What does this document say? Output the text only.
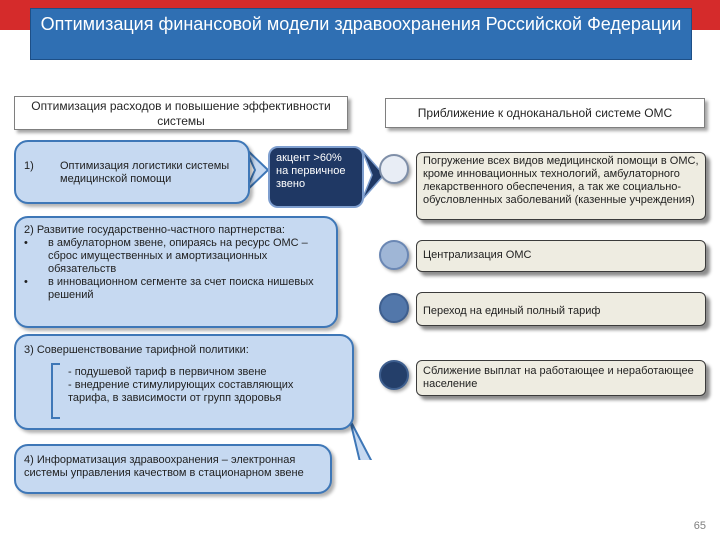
Оптимизация финансовой модели здравоохранения Российской Федерации
Оптимизация расходов и повышение эффективности системы
Приближение к одноканальной системе ОМС
1) Оптимизация логистики системы медицинской помощи
акцент >60% на первичное звено
2) Развитие государственно-частного партнерства:
•	в амбулаторном звене, опираясь на ресурс ОМС – сброс имущественных и амортизационных обязательств
•	в инновационном сегменте за счет поиска нишевых решений
3) Совершенствование тарифной политики:
- подушевой тариф в первичном звене
- внедрение стимулирующих составляющих тарифа, в зависимости от групп здоровья
4) Информатизация здравоохранения – электронная системы управления качеством в стационарном звене
Погружение всех видов медицинской помощи в ОМС, кроме инновационных технологий, амбулаторного лекарственного обеспечения, а так же социально-обусловленных заболеваний (казенные учреждения)
Централизация ОМС
Переход на единый полный тариф
Сближение выплат на работающее и неработающее население
65
